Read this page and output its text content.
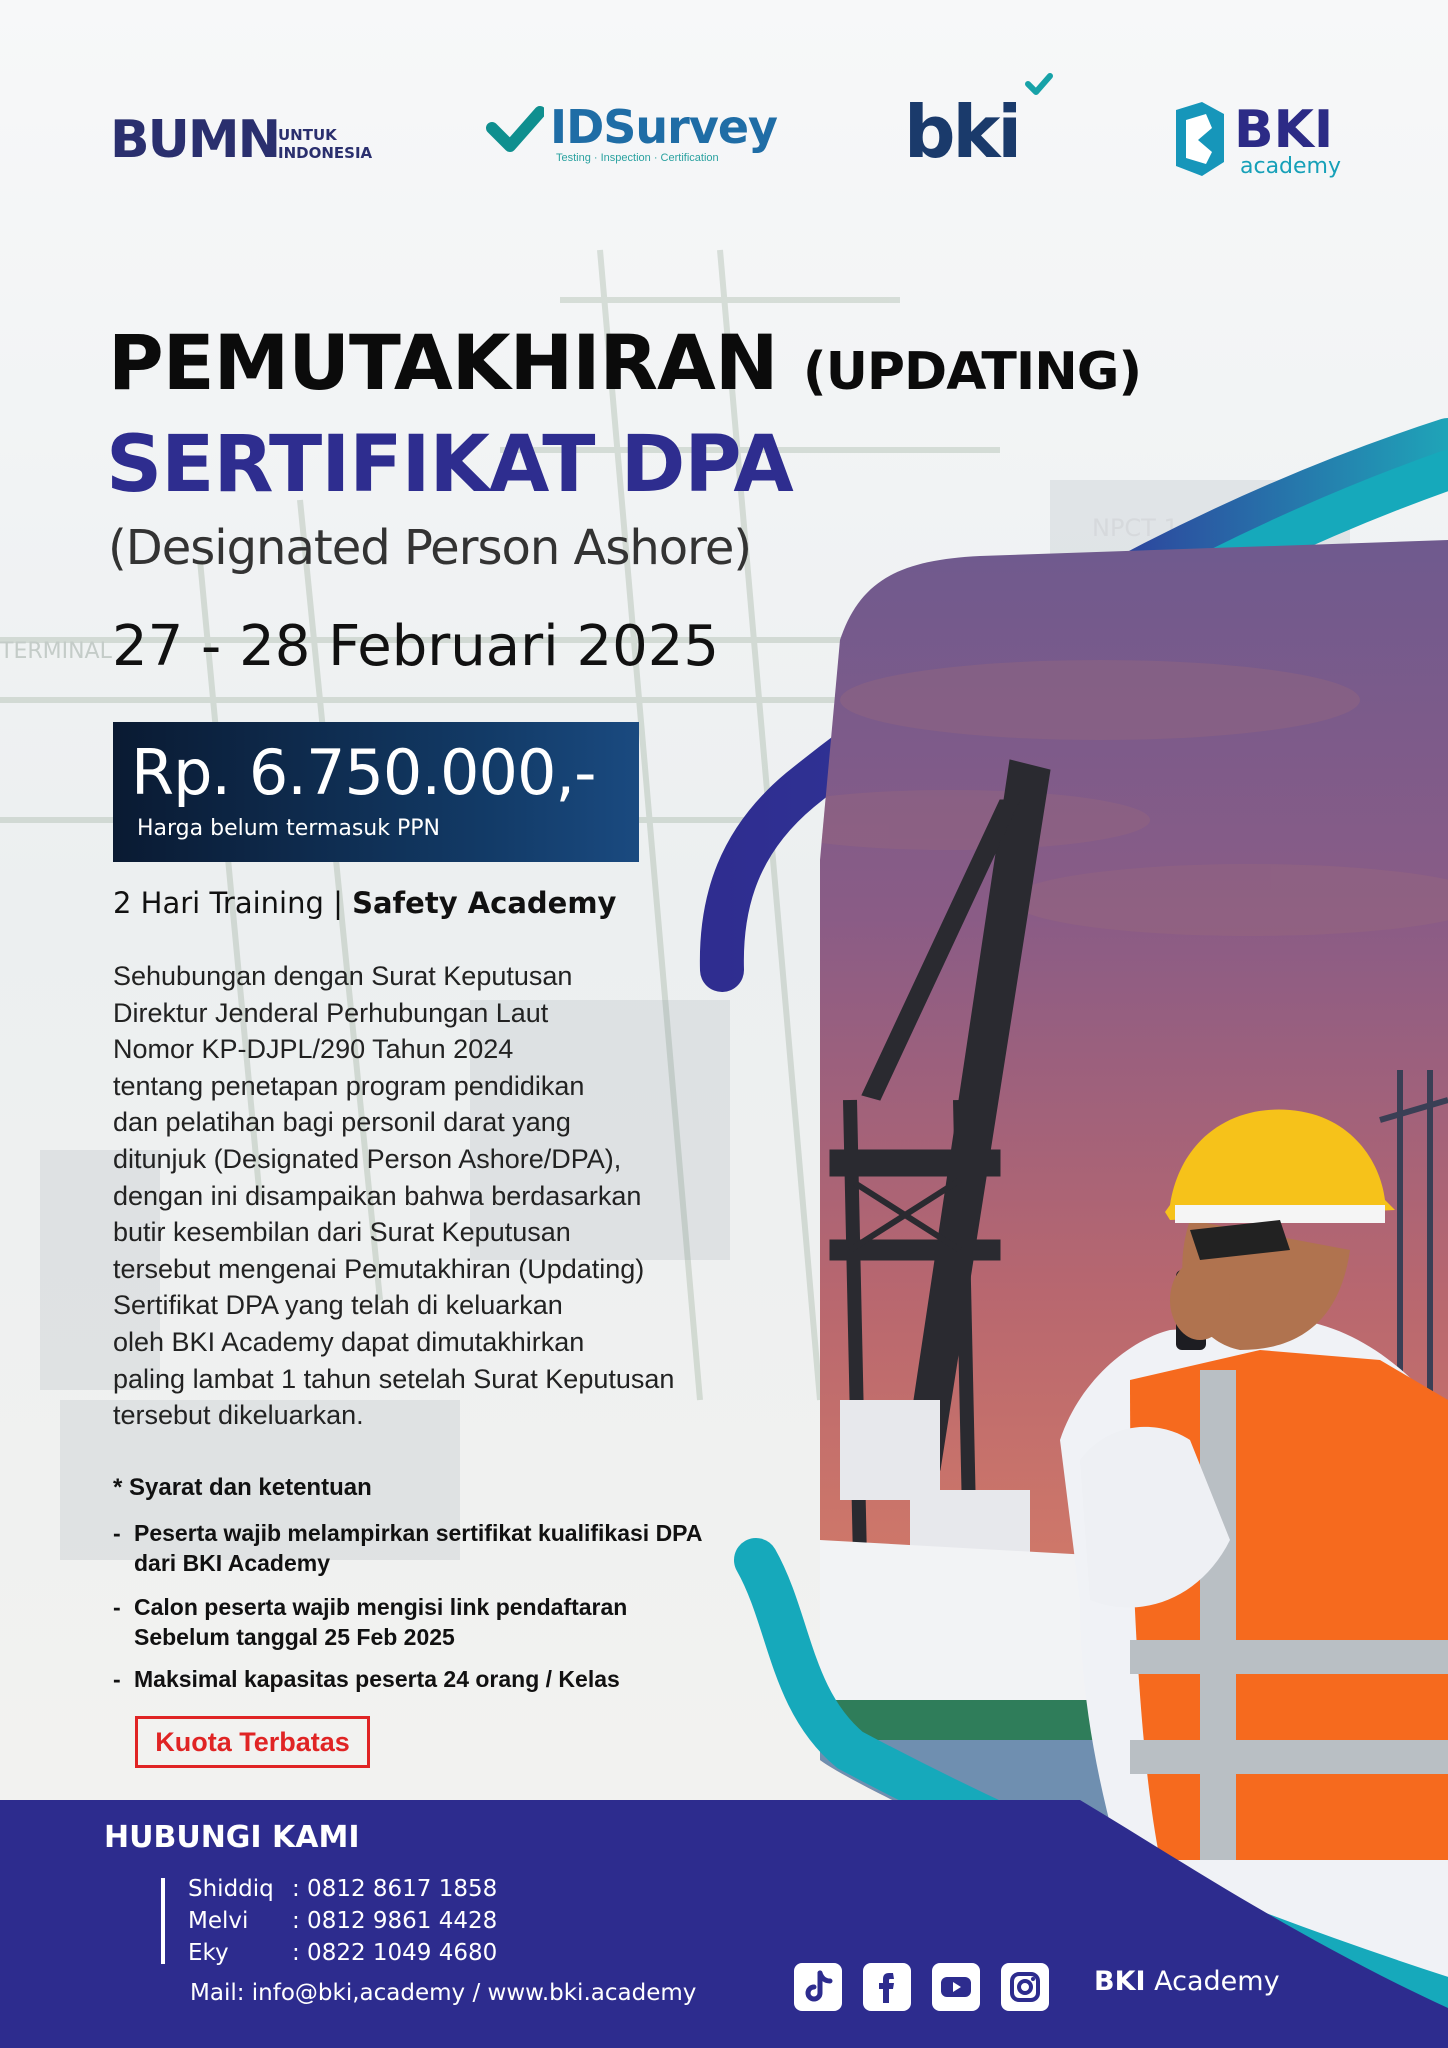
TERMINAL
NPCT 1
BUMN
UNTUK
INDONESIA	IDSurvey
Testing · Inspection · Certification	bki	BKI
academy
PEMUTAKHIRAN (UPDATING)
SERTIFIKAT DPA
(Designated Person Ashore)
27 - 28 Februari 2025
Rp. 6.750.000,-
Harga belum termasuk PPN
2 Hari Training | Safety Academy
Sehubungan dengan Surat Keputusan
Direktur Jenderal Perhubungan Laut
Nomor KP-DJPL/290 Tahun 2024
tentang penetapan program pendidikan
dan pelatihan bagi personil darat yang
ditunjuk (Designated Person Ashore/DPA),
dengan ini disampaikan bahwa berdasarkan
butir kesembilan dari Surat Keputusan
tersebut mengenai Pemutakhiran (Updating)
Sertifikat DPA yang telah di keluarkan
oleh BKI Academy dapat dimutakhirkan
paling lambat 1 tahun setelah Surat Keputusan
tersebut dikeluarkan.
* Syarat dan ketentuan
- Peserta wajib melampirkan sertifikat kualifikasi DPA dari BKI Academy
- Calon peserta wajib mengisi link pendaftaran Sebelum tanggal 25 Feb 2025
- Maksimal kapasitas peserta 24 orang / Kelas
Kuota Terbatas
HUBUNGI KAMI
Shiddiq : 0812 8617 1858
Melvi : 0812 9861 4428
Eky	: 0822 1049 4680
Mail: info@bki,academy / www.bki.academy	BKI Academy
